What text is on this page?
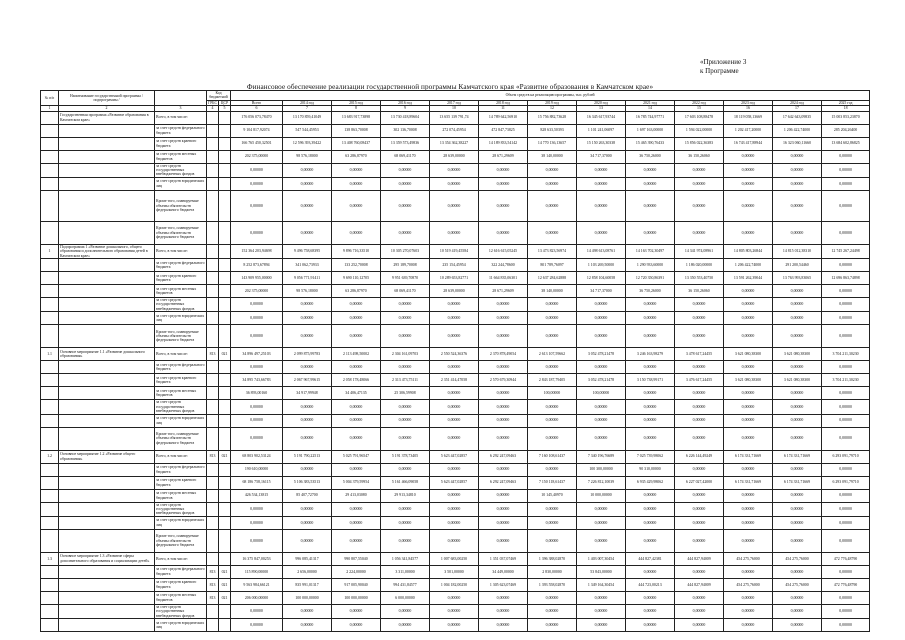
«Приложение 3
к Программе
Финансовое обеспечение реализации государственной программы Камчатского края «Развитие образования в Камчатском крае»
№ п/п	Наименование государственной программы / подпрограммы /		Код бюджетной		Объем средств на реализацию программы, тыс. рублей												
			ГРБС	ЦСР	Всего	2014 год	2015 год	2016 год	2017 год	2018 год	2019 год	2020 год	2021 год	2022 год	2023 год	2024 год	2025 год
1	2	3	4	5	6	7	8	9	10	11	12	13	14	15	16	17	18
	Государственная программа «Развитие образования в Камчатском крае»	Всего, в том числе:			176 056 073,78470	13 170 859,41049	13 683 917,73898	13 730 418,89604	13 655 139 791,74	14 789 642,56910	15 756 882,73628	16 345 617,93744	16 785 744,97771	17 603 108,88478	18 119 058,13669	17 642 643,09835	15 003 853,23870
		за счет средств федерального бюджета			9 104 817,92074	547 544,45953	138 863,70008	302 136,70008	272 074,45954	472 847,73825	828 633,50393	1 101 241,06097	1 697 163,00000	1 594 022,00000	1 202 417,20000	1 206 422,74000	285 204,26400
		за счет средств краевого бюджета			166 765 450,32501	12 596 393,39422	13 408 760,08437	13 359 573,49836	13 354 362,38227	14 189 833,54142	14 770 136,13657	15 150 263,30338	15 465 390,76433	15 856 022,36383	16 743 417,88944	16 323 060,11660	13 684 602,86825
		за счет средств местных бюджетов			202 375,00000	98 576,18000	63 286,87970	68 069,41170	28 639,00000	28 671,29609	38 140,00000	34 717,37000	36 750,26000	36 150,26060	0,00000	0,00000	0,00000
		за счет средств государственных внебюджетных фондов			0,00000	0,00000	0,00000	0,00000	0,00000	0,00000	0,00000	0,00000	0,00000	0,00000	0,00000	0,00000	0,00000
		за счет средств юридических лиц			0,00000	0,00000	0,00000	0,00000	0,00000	0,00000	0,00000	0,00000	0,00000	0,00000	0,00000	0,00000	0,00000
		Кроме того, планируемые объемы обязательств федерального бюджета			0,00000	0,00000	0,00000	0,00000	0,00000	0,00000	0,00000	0,00000	0,00000	0,00000	0,00000	0,00000	0,00000
		Кроме того, планируемые объемы обязательств федерального бюджета			0,00000	0,00000	0,00000	0,00000	0,00000	0,00000	0,00000	0,00000	0,00000	0,00000	0,00000	0,00000	0,00000
1	Подпрограмма 1 «Развитие дошкольного, общего образования и дополнительного образования детей в Камчатском крае»	Всего, в том числе:			152 364 203,94698	9 496 758,68395	9 896 716,33510	10 305 270,07603	10 519 419,45584	12 616 615,05245	13 473 823,56974	14 498 613,08761	14 163 702,30497	14 341 974,08961	14 805 803,26844	14 815 012,38310	12 745 267,24498
		за счет средств федерального бюджета			8 252 873,67894	341 062,73933	133 252,70008	295 189,70008	235 154,45954	322 244,78600	801 789,76097	1 103 269,50000	1 290 933,60000	1 186 020,00000	1 206 422,74000	291 200,54460	0,00000
		за счет средств краевого бюджета			143 909 955,00000	9 056 771,91411	9 690 110,12705	9 951 639,70870	10 289 653,82771	11 664 835,06301	12 637 284,62888	12 858 104,60058	12 720 350,86391	13 350 553,40750	13 591 262,39044	13 763 993,83065	12 696 863,74898
		за счет средств местных бюджетов			202 375,00000	98 576,18000	63 286,87970	68 069,41170	28 639,00000	28 671,29609	38 140,00000	34 717,37000	36 750,26000	36 150,26060	0,00000	0,00000	0,00000
		за счет средств государственных внебюджетных фондов			0,00000	0,00000	0,00000	0,00000	0,00000	0,00000	0,00000	0,00000	0,00000	0,00000	0,00000	0,00000	0,00000
		за счет средств юридических лиц			0,00000	0,00000	0,00000	0,00000	0,00000	0,00000	0,00000	0,00000	0,00000	0,00000	0,00000	0,00000	0,00000
		Кроме того, планируемые объемы обязательств федерального бюджета			0,00000	0,00000	0,00000	0,00000	0,00000	0,00000	0,00000	0,00000	0,00000	0,00000	0,00000	0,00000	0,00000
1.1	Основное мероприятие 1.1 «Развитие дошкольного образования»	Всего, в том числе:	813	021	34 896 497,25103	2 099 875,99783	2 113 498,50002	2 304 161,09703	2 550 524,36376	2 370 878,49054	2 613 107,59662	3 052 478,21478	3 246 163,98279	3 478 617,24455	3 621 080,38300	3 621 080,38300	3 704 211,30230
		за счет средств федерального бюджета			0,00000	0,00000	0,00000	0,00000	0,00000	0,00000	0,00000	0,00000	0,00000	0,00000	0,00000	0,00000	0,00000
		за счет средств краевого бюджета			34 895 743,66783	2 067 967,99615	2 058 178,48066	2 313 473,75111	2 351 414,47058	2 570 679,30944	2 843 187,79405	3 052 478,21478	3 150 738,99171	3 476 617,24455	3 621 080,38300	3 621 080,38300	3 704 211,30230
		за счет средств местных бюджетов			36 893,00160	34 917,99948	34 406,47135	25 306,59908	0,00000	0,00000	100,00000	100,00000	0,00000	0,00000	0,00000	0,00000	0,00000
		за счет средств государственных внебюджетных фондов			0,00000	0,00000	0,00000	0,00000	0,00000	0,00000	0,00000	0,00000	0,00000	0,00000	0,00000	0,00000	0,00000
		за счет средств юридических лиц			0,00000	0,00000	0,00000	0,00000	0,00000	0,00000	0,00000	0,00000	0,00000	0,00000	0,00000	0,00000	0,00000
		Кроме того, планируемые объемы обязательств федерального бюджета			0,00000	0,00000	0,00000	0,00000	0,00000	0,00000	0,00000	0,00000	0,00000	0,00000	0,00000	0,00000	0,00000
1.2	Основное мероприятие 1.2 «Развитие общего образования»	Всего, в том числе:	813	021	68 803 902,53124	5 191 790,22513	5 025 791,96547	5 191 378,73405	5 623 447,02857	6 292 247,09463	7 160 108,61437	7 340 196,76689	7 025 739,98062	6 226 144,49249	6 174 331,71669	6 174 331,71669	6 293 091,79710
		за счет средств федерального бюджета			190 610,00000	0,00000	0,00000	0,00000	0,00000	0,00000	0,00000	100 300,00000	90 310,00000	0,00000	0,00000	0,00000	0,00000
		за счет средств краевого бюджета			68 186 758,16115	5 106 383,53513	5 004 379,59954	5 161 466,09058	5 623 447,02857	6 292 247,09463	7 150 118,61437	7 226 812,10039	6 935 429,98062	6 227 027,42000	6 174 331,71669	6 174 331,71669	6 293 091,79710
		за счет средств местных бюджетов			426 534,13815	85 407,72700	29 413,03080	29 913,34810	0,00000	0,00000	10 145,40970	10 000,00000	0,00000	0,00000	0,00000	0,00000	0,00000
		за счет средств государственных внебюджетных фондов			0,00000	0,00000	0,00000	0,00000	0,00000	0,00000	0,00000	0,00000	0,00000	0,00000	0,00000	0,00000	0,00000
		за счет средств юридических лиц			0,00000	0,00000	0,00000	0,00000	0,00000	0,00000	0,00000	0,00000	0,00000	0,00000	0,00000	0,00000	0,00000
		Кроме того, планируемые объемы обязательств федерального бюджета			0,00000	0,00000	0,00000	0,00000	0,00000	0,00000	0,00000	0,00000	0,00000	0,00000	0,00000	0,00000	0,00000
1.3	Основное мероприятие 1.3 «Развитие сферы дополнительного образования и социализации детей»	Всего, в том числе:			16 375 847,00253	996 085,41317	990 807,55040	1 056 341,84577	1 007 683,00250	1 351 037,07469	1 396 388,02870	1 403 007,30454	444 827,42381	444 827,94009	454 275,76000	454 275,76000	472 776,48790
		за счет средств федерального бюджета	813	021	115 890,00000	2 656,00000	2 224,00000	3 311,00000	3 501,00000	34 449,00000	2 830,00000	53 843,00000	0,00000	0,00000	0,00000	0,00000	0,00000
		за счет средств краевого бюджета	813	021	9 563 984,66121	835 991,01317	917 005,90040	994 431,84577	1 004 182,00250	1 305 623,07469	1 393 558,02870	1 349 164,30454	444 723,00213	444 827,94009	454 275,76000	454 275,76000	472 776,48790
		за счет средств местных бюджетов	813	021	206 000,00000	100 000,00000	100 000,00000	6 000,00000	0,00000	0,00000	0,00000	0,00000	0,00000	0,00000	0,00000	0,00000	0,00000
		за счет средств государственных внебюджетных фондов			0,00000	0,00000	0,00000	0,00000	0,00000	0,00000	0,00000	0,00000	0,00000	0,00000	0,00000	0,00000	0,00000
		за счет средств юридических лиц			0,00000	0,00000	0,00000	0,00000	0,00000	0,00000	0,00000	0,00000	0,00000	0,00000	0,00000	0,00000	0,00000
